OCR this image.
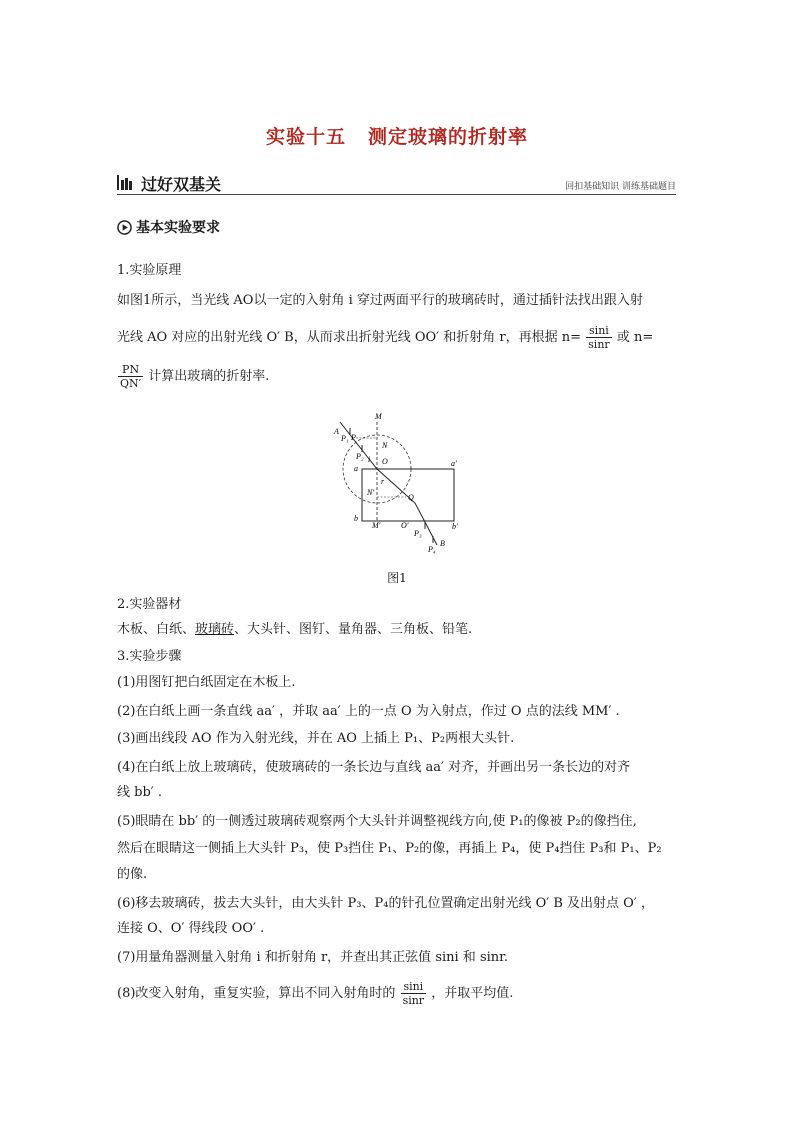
实验十五 测定玻璃的折射率
过好双基关	回扣基础知识 训练基础题目
基本实验要求
1.实验原理
如图1所示，当光线 AO以一定的入射角 i 穿过两面平行的玻璃砖时，通过插针法找出跟入射
光线 AO 对应的出射光线 O′ B，从而求出折射光线 OO′ 和折射角 r，再根据 $n= \frac{\sin i}{\sin r}$ 或 n=
$\frac{PN}{QN'}$ 计算出玻璃的折射率.
A
M
P₁ P
N
P₂ i O
a
a′
r
N′
Q
b
M′	O′	b′
P₃
B
P₄
图1
2.实验器材
木板、白纸、玻璃砖、大头针、图钉、量角器、三角板、铅笔.
3.实验步骤
(1)用图钉把白纸固定在木板上.
(2)在白纸上画一条直线 aa′ ，并取 aa′ 上的一点 O 为入射点，作过 O 点的法线 MM′ .
(3)画出线段 AO 作为入射光线，并在 AO 上插上 P₁、P₂两根大头针.
(4)在白纸上放上玻璃砖，使玻璃砖的一条长边与直线 aa′ 对齐，并画出另一条长边的对齐
线 bb′ .
(5)眼睛在 bb′ 的一侧透过玻璃砖观察两个大头针并调整视线方向,使 P₁的像被 P₂的像挡住,
然后在眼睛这一侧插上大头针 P₃，使 P₃挡住 P₁、P₂的像，再插上 P₄，使 P₄挡住 P₃和 P₁、P₂
的像.
(6)移去玻璃砖，拔去大头针，由大头针 P₃、P₄的针孔位置确定出射光线 O′ B 及出射点 O′ ，
连接 O、O′ 得线段 OO′ .
(7)用量角器测量入射角 i 和折射角 r，并查出其正弦值 sini 和 sinr.
(8)改变入射角，重复实验，算出不同入射角时的 $\frac{\sin i}{\sin r}$ ，并取平均值.
